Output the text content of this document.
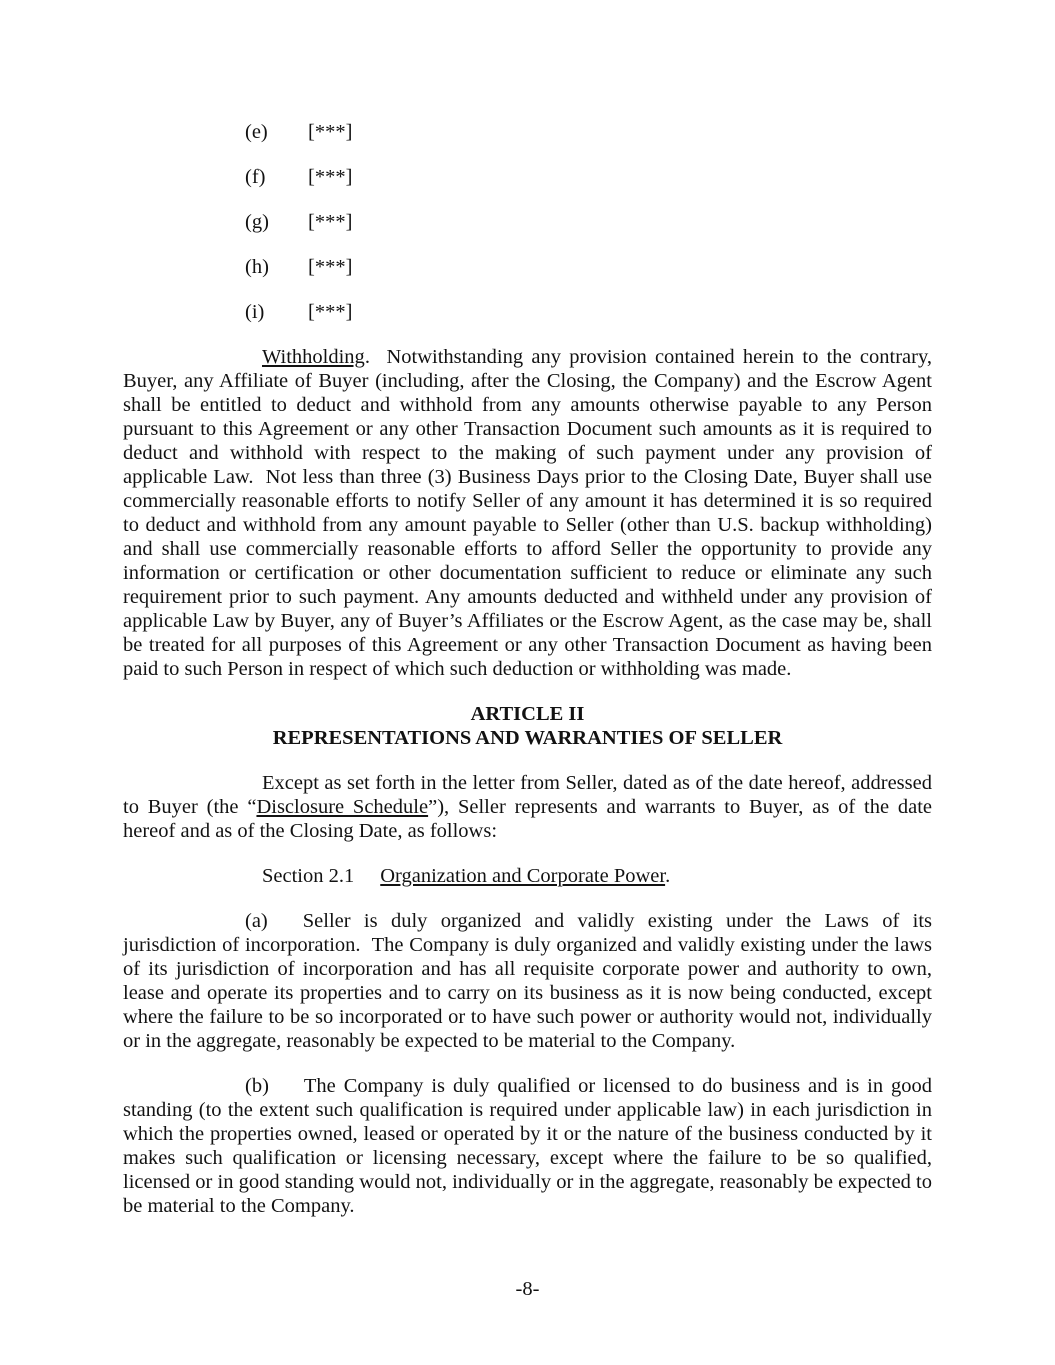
(e) [***]
(f) [***]
(g) [***]
(h) [***]
(i) [***]

Withholding.  Notwithstanding any provision contained herein to the contrary, Buyer, any Affiliate of Buyer (including, after the Closing, the Company) and the Escrow Agent shall be entitled to deduct and withhold from any amounts otherwise payable to any Person pursuant to this Agreement or any other Transaction Document such amounts as it is required to deduct and withhold with respect to the making of such payment under any provision of applicable Law.  Not less than three (3) Business Days prior to the Closing Date, Buyer shall use commercially reasonable efforts to notify Seller of any amount it has determined it is so required to deduct and withhold from any amount payable to Seller (other than U.S. backup withholding) and shall use commercially reasonable efforts to afford Seller the opportunity to provide any information or certification or other documentation sufficient to reduce or eliminate any such requirement prior to such payment. Any amounts deducted and withheld under any provision of applicable Law by Buyer, any of Buyer’s Affiliates or the Escrow Agent, as the case may be, shall be treated for all purposes of this Agreement or any other Transaction Document as having been paid to such Person in respect of which such deduction or withholding was made.

ARTICLE II
REPRESENTATIONS AND WARRANTIES OF SELLER

Except as set forth in the letter from Seller, dated as of the date hereof, addressed to Buyer (the “Disclosure Schedule”), Seller represents and warrants to Buyer, as of the date hereof and as of the Closing Date, as follows:

Section 2.1 Organization and Corporate Power.

(a) Seller is duly organized and validly existing under the Laws of its jurisdiction of incorporation.  The Company is duly organized and validly existing under the laws of its jurisdiction of incorporation and has all requisite corporate power and authority to own, lease and operate its properties and to carry on its business as it is now being conducted, except where the failure to be so incorporated or to have such power or authority would not, individually or in the aggregate, reasonably be expected to be material to the Company.

(b) The Company is duly qualified or licensed to do business and is in good standing (to the extent such qualification is required under applicable law) in each jurisdiction in which the properties owned, leased or operated by it or the nature of the business conducted by it makes such qualification or licensing necessary, except where the failure to be so qualified, licensed or in good standing would not, individually or in the aggregate, reasonably be expected to be material to the Company.

-8-
